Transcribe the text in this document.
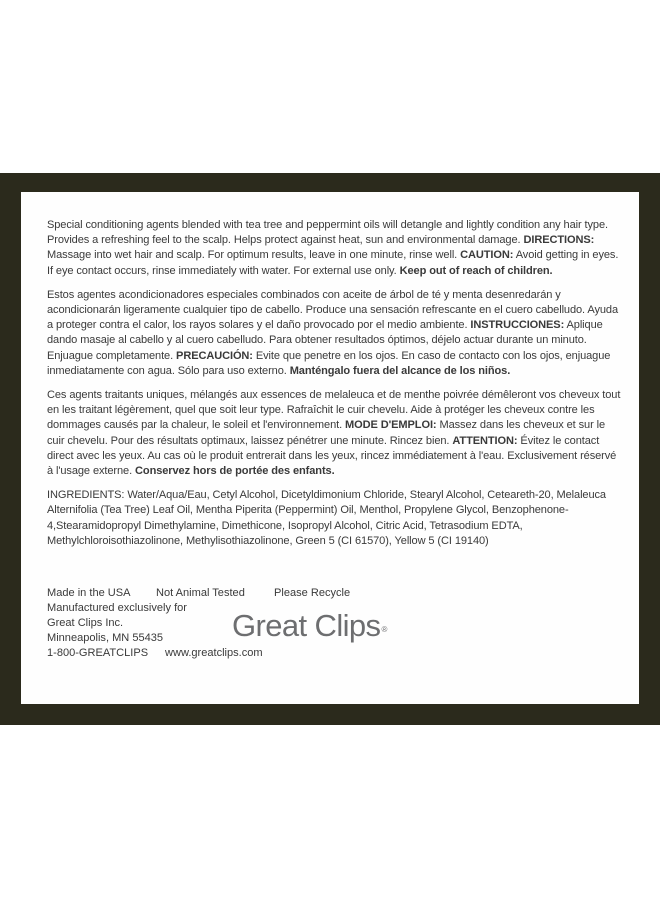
Special conditioning agents blended with tea tree and peppermint oils will detangle and lightly condition any hair type. Provides a refreshing feel to the scalp. Helps protect against heat, sun and environmental damage. DIRECTIONS: Massage into wet hair and scalp. For optimum results, leave in one minute, rinse well. CAUTION: Avoid getting in eyes. If eye contact occurs, rinse immediately with water. For external use only. Keep out of reach of children.

Estos agentes acondicionadores especiales combinados con aceite de árbol de té y menta desenredarán y acondicionarán ligeramente cualquier tipo de cabello. Produce una sensación refrescante en el cuero cabelludo. Ayuda a proteger contra el calor, los rayos solares y el daño provocado por el medio ambiente. INSTRUCCIONES: Aplique dando masaje al cabello y al cuero cabelludo. Para obtener resultados óptimos, déjelo actuar durante un minuto. Enjuague completamente. PRECAUCIÓN: Evite que penetre en los ojos. En caso de contacto con los ojos, enjuague inmediatamente con agua. Sólo para uso externo. Manténgalo fuera del alcance de los niños.

Ces agents traitants uniques, mélangés aux essences de melaleuca et de menthe poivrée démêleront vos cheveux tout en les traitant légèrement, quel que soit leur type. Rafraîchit le cuir chevelu. Aide à protéger les cheveux contre les dommages causés par la chaleur, le soleil et l'environnement. MODE D'EMPLOI: Massez dans les cheveux et sur le cuir chevelu. Pour des résultats optimaux, laissez pénétrer une minute. Rincez bien. ATTENTION: Évitez le contact direct avec les yeux. Au cas où le produit entrerait dans les yeux, rincez immédiatement à l'eau. Exclusivement réservé à l'usage externe. Conservez hors de portée des enfants.

INGREDIENTS: Water/Aqua/Eau, Cetyl Alcohol, Dicetyldimonium Chloride, Stearyl Alcohol, Ceteareth-20, Melaleuca Alternifolia (Tea Tree) Leaf Oil, Mentha Piperita (Peppermint) Oil, Menthol, Propylene Glycol, Benzophenone-4,Stearamidopropyl Dimethylamine, Dimethicone, Isopropyl Alcohol, Citric Acid, Tetrasodium EDTA, Methylchloroisothiazolinone, Methylisothiazolinone, Green 5 (CI 61570), Yellow 5 (CI 19140)

Made in the USA Not Animal Tested	Please Recycle
Manufactured exclusively for
Great Clips Inc.
Minneapolis, MN 55435
1-800-GREATCLIPS www.greatclips.com
Great Clips®
